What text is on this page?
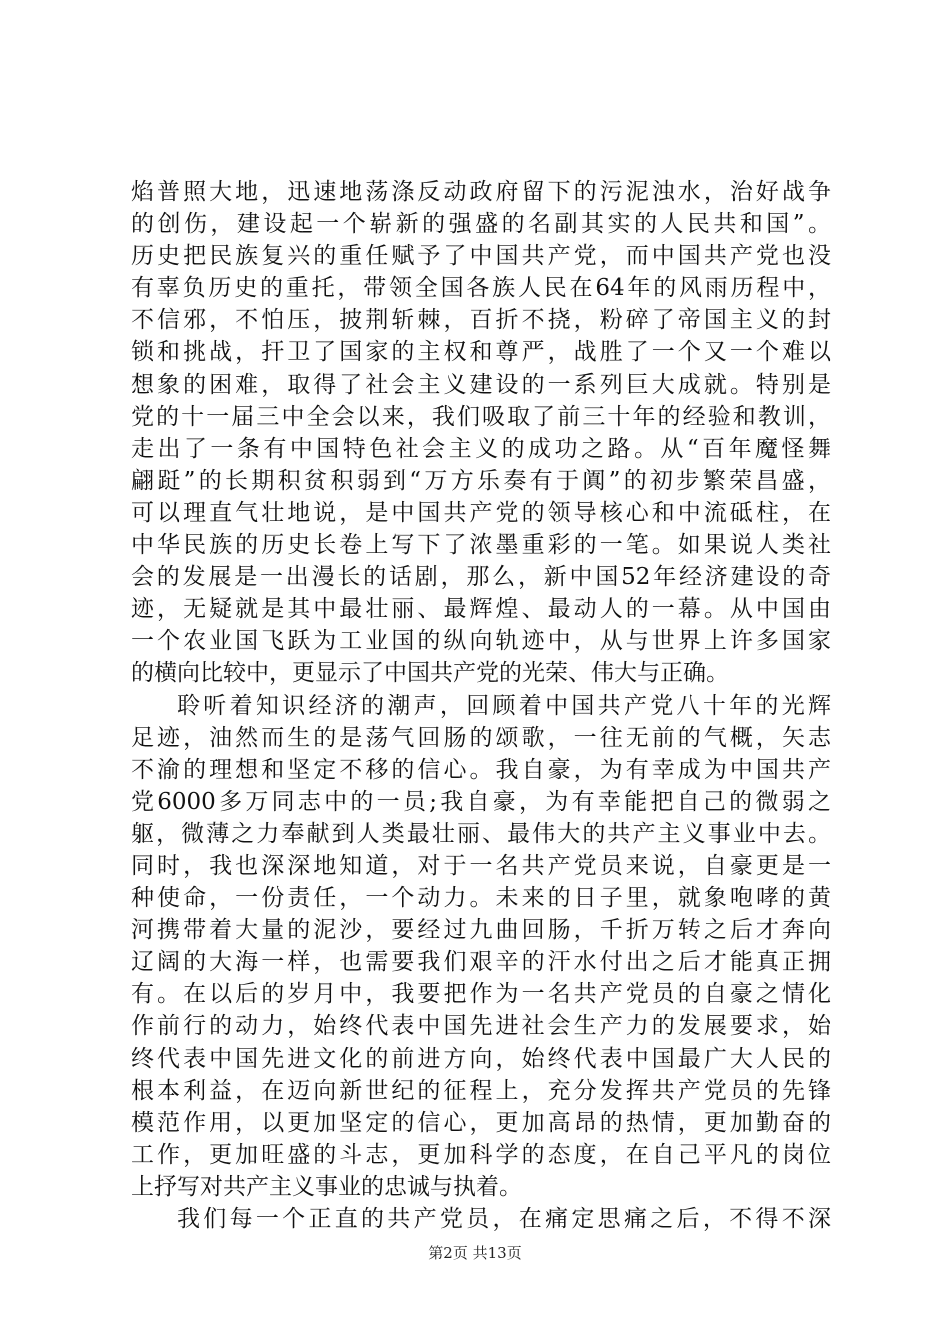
焰普照大地，迅速地荡涤反动政府留下的污泥浊水，治好战争
的创伤，建设起一个崭新的强盛的名副其实的人民共和国”。
历史把民族复兴的重任赋予了中国共产党，而中国共产党也没
有辜负历史的重托，带领全国各族人民在64年的风雨历程中，
不信邪，不怕压，披荆斩棘，百折不挠，粉碎了帝国主义的封
锁和挑战，扞卫了国家的主权和尊严，战胜了一个又一个难以
想象的困难，取得了社会主义建设的一系列巨大成就。特别是
党的十一届三中全会以来，我们吸取了前三十年的经验和教训，
走出了一条有中国特色社会主义的成功之路。从“百年魔怪舞
翩跹”的长期积贫积弱到“万方乐奏有于阗”的初步繁荣昌盛，
可以理直气壮地说，是中国共产党的领导核心和中流砥柱，在
中华民族的历史长卷上写下了浓墨重彩的一笔。如果说人类社
会的发展是一出漫长的话剧，那么，新中国52年经济建设的奇
迹，无疑就是其中最壮丽、最辉煌、最动人的一幕。从中国由
一个农业国飞跃为工业国的纵向轨迹中，从与世界上许多国家
的横向比较中，更显示了中国共产党的光荣、伟大与正确。
聆听着知识经济的潮声，回顾着中国共产党八十年的光辉
足迹，油然而生的是荡气回肠的颂歌，一往无前的气概，矢志
不渝的理想和坚定不移的信心。我自豪，为有幸成为中国共产
党6000多万同志中的一员;我自豪，为有幸能把自己的微弱之
躯，微薄之力奉献到人类最壮丽、最伟大的共产主义事业中去。
同时，我也深深地知道，对于一名共产党员来说，自豪更是一
种使命，一份责任，一个动力。未来的日子里，就象咆哮的黄
河携带着大量的泥沙，要经过九曲回肠，千折万转之后才奔向
辽阔的大海一样，也需要我们艰辛的汗水付出之后才能真正拥
有。在以后的岁月中，我要把作为一名共产党员的自豪之情化
作前行的动力，始终代表中国先进社会生产力的发展要求，始
终代表中国先进文化的前进方向，始终代表中国最广大人民的
根本利益，在迈向新世纪的征程上，充分发挥共产党员的先锋
模范作用，以更加坚定的信心，更加高昂的热情，更加勤奋的
工作，更加旺盛的斗志，更加科学的态度，在自己平凡的岗位
上抒写对共产主义事业的忠诚与执着。
我们每一个正直的共产党员，在痛定思痛之后，不得不深
第2页 共13页
